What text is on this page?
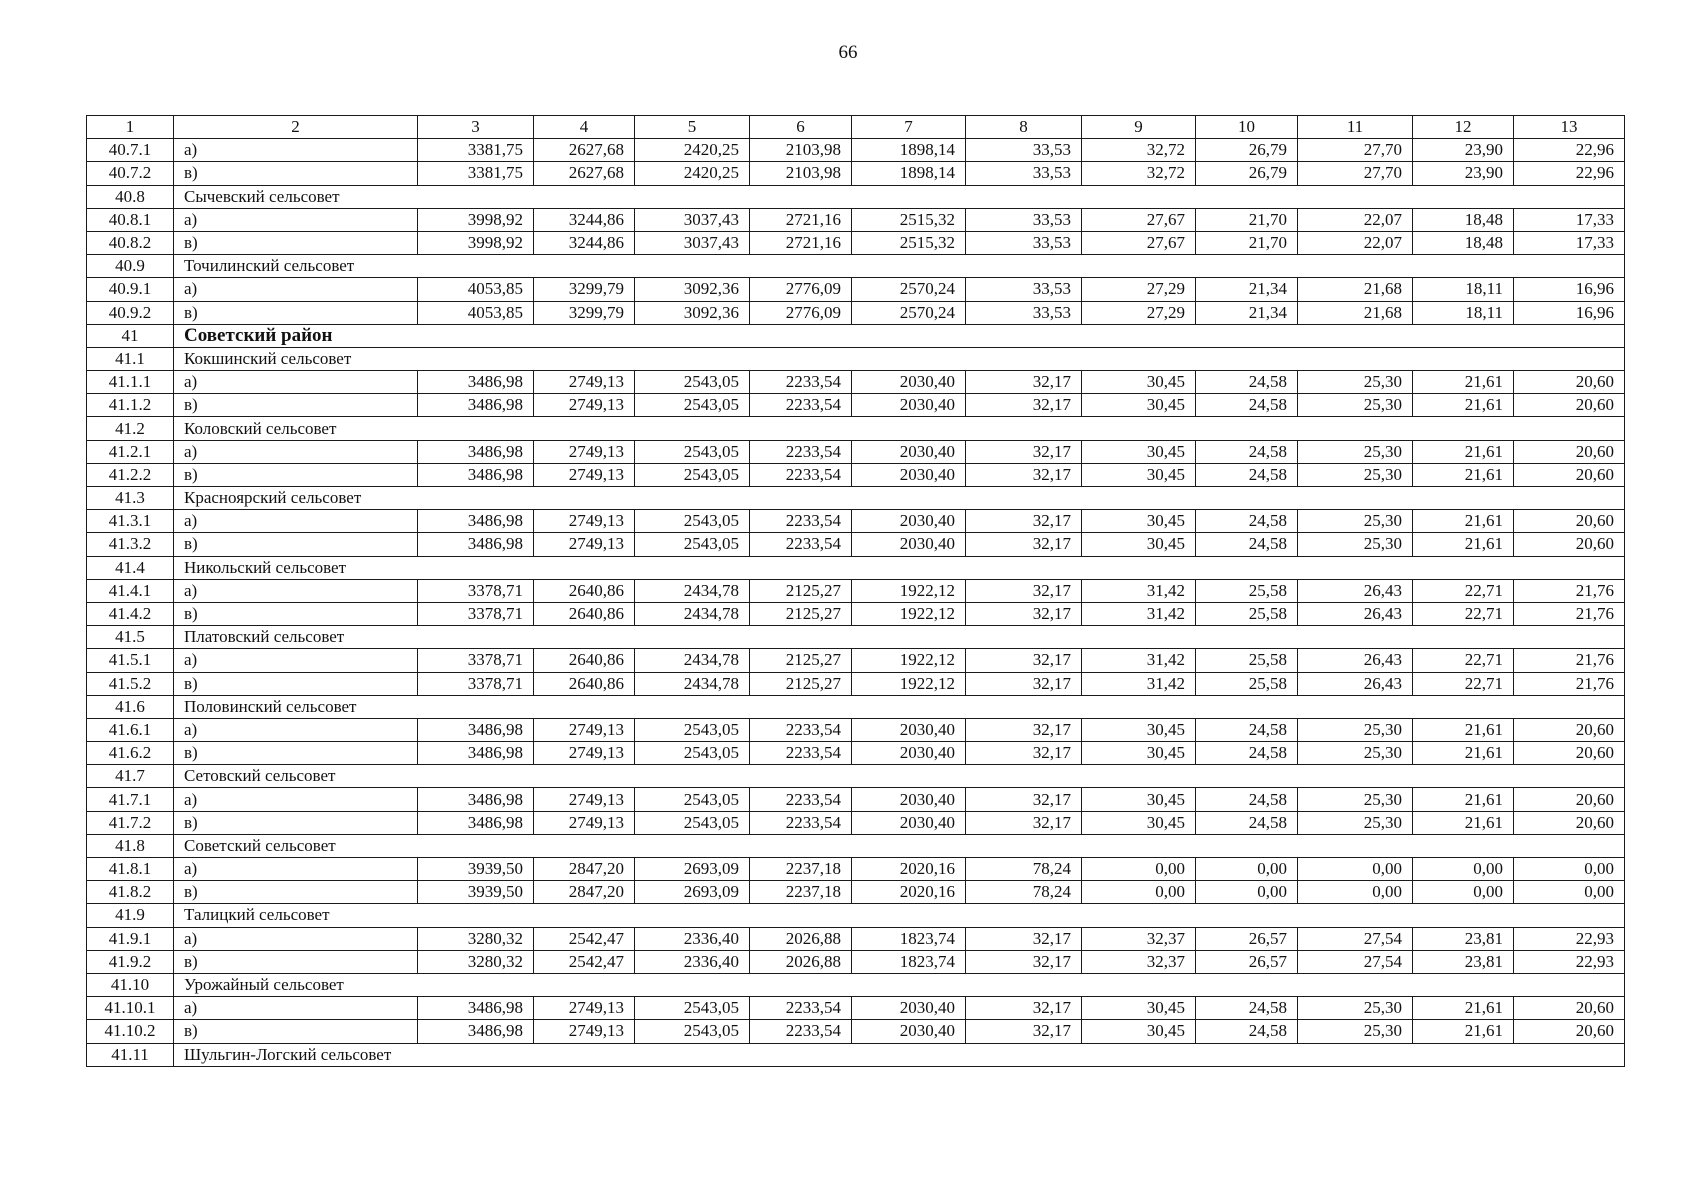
66
1	2	3	4	5	6	7	8	9	10	11	12	13
40.7.1	а)	3381,75	2627,68	2420,25	2103,98	1898,14	33,53	32,72	26,79	27,70	23,90	22,96
40.7.2	в)	3381,75	2627,68	2420,25	2103,98	1898,14	33,53	32,72	26,79	27,70	23,90	22,96
40.8	Сычевский сельсовет											
40.8.1	а)	3998,92	3244,86	3037,43	2721,16	2515,32	33,53	27,67	21,70	22,07	18,48	17,33
40.8.2	в)	3998,92	3244,86	3037,43	2721,16	2515,32	33,53	27,67	21,70	22,07	18,48	17,33
40.9	Точилинский сельсовет											
40.9.1	а)	4053,85	3299,79	3092,36	2776,09	2570,24	33,53	27,29	21,34	21,68	18,11	16,96
40.9.2	в)	4053,85	3299,79	3092,36	2776,09	2570,24	33,53	27,29	21,34	21,68	18,11	16,96
41	Советский район											
41.1	Кокшинский сельсовет											
41.1.1	а)	3486,98	2749,13	2543,05	2233,54	2030,40	32,17	30,45	24,58	25,30	21,61	20,60
41.1.2	в)	3486,98	2749,13	2543,05	2233,54	2030,40	32,17	30,45	24,58	25,30	21,61	20,60
41.2	Коловский сельсовет											
41.2.1	а)	3486,98	2749,13	2543,05	2233,54	2030,40	32,17	30,45	24,58	25,30	21,61	20,60
41.2.2	в)	3486,98	2749,13	2543,05	2233,54	2030,40	32,17	30,45	24,58	25,30	21,61	20,60
41.3	Красноярский сельсовет											
41.3.1	а)	3486,98	2749,13	2543,05	2233,54	2030,40	32,17	30,45	24,58	25,30	21,61	20,60
41.3.2	в)	3486,98	2749,13	2543,05	2233,54	2030,40	32,17	30,45	24,58	25,30	21,61	20,60
41.4	Никольский сельсовет											
41.4.1	а)	3378,71	2640,86	2434,78	2125,27	1922,12	32,17	31,42	25,58	26,43	22,71	21,76
41.4.2	в)	3378,71	2640,86	2434,78	2125,27	1922,12	32,17	31,42	25,58	26,43	22,71	21,76
41.5	Платовский сельсовет											
41.5.1	а)	3378,71	2640,86	2434,78	2125,27	1922,12	32,17	31,42	25,58	26,43	22,71	21,76
41.5.2	в)	3378,71	2640,86	2434,78	2125,27	1922,12	32,17	31,42	25,58	26,43	22,71	21,76
41.6	Половинский сельсовет											
41.6.1	а)	3486,98	2749,13	2543,05	2233,54	2030,40	32,17	30,45	24,58	25,30	21,61	20,60
41.6.2	в)	3486,98	2749,13	2543,05	2233,54	2030,40	32,17	30,45	24,58	25,30	21,61	20,60
41.7	Сетовский сельсовет											
41.7.1	а)	3486,98	2749,13	2543,05	2233,54	2030,40	32,17	30,45	24,58	25,30	21,61	20,60
41.7.2	в)	3486,98	2749,13	2543,05	2233,54	2030,40	32,17	30,45	24,58	25,30	21,61	20,60
41.8	Советский сельсовет											
41.8.1	а)	3939,50	2847,20	2693,09	2237,18	2020,16	78,24	0,00	0,00	0,00	0,00	0,00
41.8.2	в)	3939,50	2847,20	2693,09	2237,18	2020,16	78,24	0,00	0,00	0,00	0,00	0,00
41.9	Талицкий сельсовет											
41.9.1	а)	3280,32	2542,47	2336,40	2026,88	1823,74	32,17	32,37	26,57	27,54	23,81	22,93
41.9.2	в)	3280,32	2542,47	2336,40	2026,88	1823,74	32,17	32,37	26,57	27,54	23,81	22,93
41.10	Урожайный сельсовет											
41.10.1	а)	3486,98	2749,13	2543,05	2233,54	2030,40	32,17	30,45	24,58	25,30	21,61	20,60
41.10.2	в)	3486,98	2749,13	2543,05	2233,54	2030,40	32,17	30,45	24,58	25,30	21,61	20,60
41.11	Шульгин-Логский сельсовет											
